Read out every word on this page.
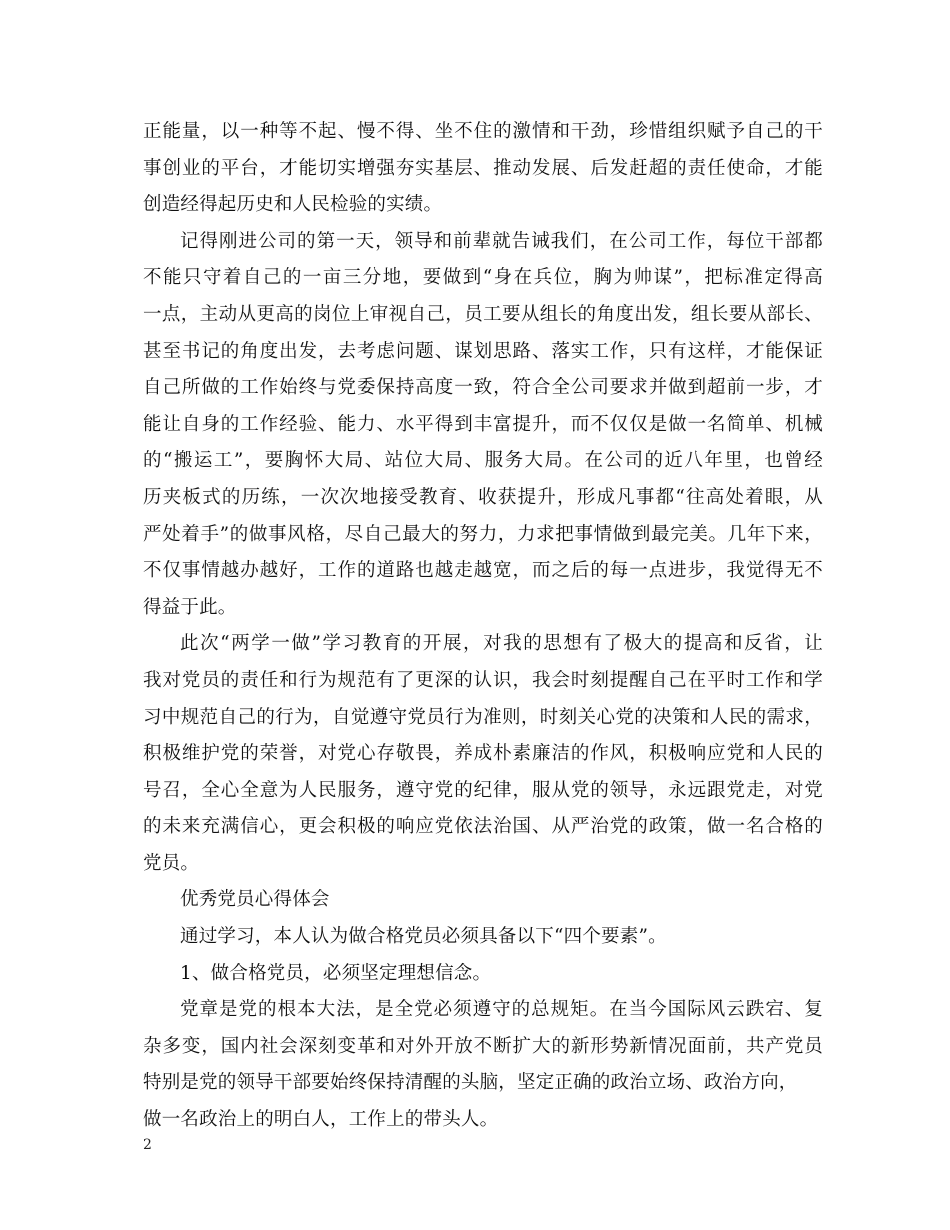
正能量，以一种等不起、慢不得、坐不住的激情和干劲，珍惜组织赋予自己的干
事创业的平台，才能切实增强夯实基层、推动发展、后发赶超的责任使命，才能
创造经得起历史和人民检验的实绩。
记得刚进公司的第一天，领导和前辈就告诫我们，在公司工作，每位干部都
不能只守着自己的一亩三分地，要做到“身在兵位，胸为帅谋”，把标准定得高
一点，主动从更高的岗位上审视自己，员工要从组长的角度出发，组长要从部长、
甚至书记的角度出发，去考虑问题、谋划思路、落实工作，只有这样，才能保证
自己所做的工作始终与党委保持高度一致，符合全公司要求并做到超前一步，才
能让自身的工作经验、能力、水平得到丰富提升，而不仅仅是做一名简单、机械
的“搬运工”，要胸怀大局、站位大局、服务大局。在公司的近八年里，也曾经
历夹板式的历练，一次次地接受教育、收获提升，形成凡事都“往高处着眼，从
严处着手”的做事风格，尽自己最大的努力，力求把事情做到最完美。几年下来，
不仅事情越办越好，工作的道路也越走越宽，而之后的每一点进步，我觉得无不
得益于此。
此次“两学一做”学习教育的开展，对我的思想有了极大的提高和反省，让
我对党员的责任和行为规范有了更深的认识，我会时刻提醒自己在平时工作和学
习中规范自己的行为，自觉遵守党员行为准则，时刻关心党的决策和人民的需求，
积极维护党的荣誉，对党心存敬畏，养成朴素廉洁的作风，积极响应党和人民的
号召，全心全意为人民服务，遵守党的纪律，服从党的领导，永远跟党走，对党
的未来充满信心，更会积极的响应党依法治国、从严治党的政策，做一名合格的
党员。
优秀党员心得体会
通过学习，本人认为做合格党员必须具备以下“四个要素”。
1、做合格党员，必须坚定理想信念。
党章是党的根本大法，是全党必须遵守的总规矩。在当今国际风云跌宕、复
杂多变，国内社会深刻变革和对外开放不断扩大的新形势新情况面前，共产党员
特别是党的领导干部要始终保持清醒的头脑，坚定正确的政治立场、政治方向，
做一名政治上的明白人，工作上的带头人。
2
